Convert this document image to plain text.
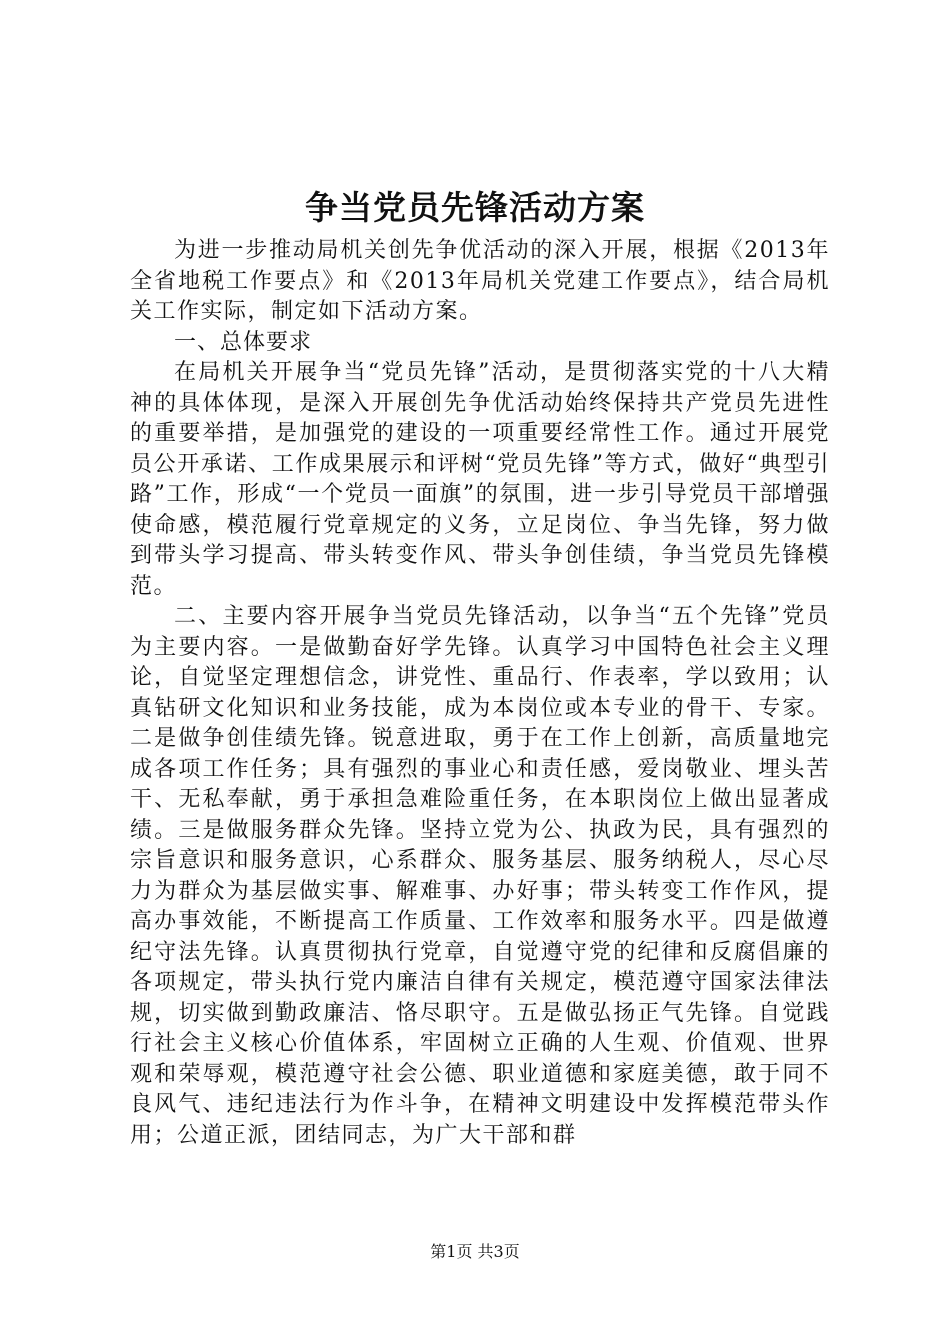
争当党员先锋活动方案

为进一步推动局机关创先争优活动的深入开展，根据《2013年全省地税工作要点》和《2013年局机关党建工作要点》，结合局机关工作实际，制定如下活动方案。

一、总体要求

在局机关开展争当“党员先锋”活动，是贯彻落实党的十八大精神的具体体现，是深入开展创先争优活动始终保持共产党员先进性的重要举措，是加强党的建设的一项重要经常性工作。通过开展党员公开承诺、工作成果展示和评树“党员先锋”等方式，做好“典型引路”工作，形成“一个党员一面旗”的氛围，进一步引导党员干部增强使命感，模范履行党章规定的义务，立足岗位、争当先锋，努力做到带头学习提高、带头转变作风、带头争创佳绩，争当党员先锋模范。

二、主要内容开展争当党员先锋活动，以争当“五个先锋”党员为主要内容。一是做勤奋好学先锋。认真学习中国特色社会主义理论，自觉坚定理想信念，讲党性、重品行、作表率，学以致用；认真钻研文化知识和业务技能，成为本岗位或本专业的骨干、专家。二是做争创佳绩先锋。锐意进取，勇于在工作上创新，高质量地完成各项工作任务；具有强烈的事业心和责任感，爱岗敬业、埋头苦干、无私奉献，勇于承担急难险重任务，在本职岗位上做出显著成绩。三是做服务群众先锋。坚持立党为公、执政为民，具有强烈的宗旨意识和服务意识，心系群众、服务基层、服务纳税人，尽心尽力为群众为基层做实事、解难事、办好事；带头转变工作作风，提高办事效能，不断提高工作质量、工作效率和服务水平。四是做遵纪守法先锋。认真贯彻执行党章，自觉遵守党的纪律和反腐倡廉的各项规定，带头执行党内廉洁自律有关规定，模范遵守国家法律法规，切实做到勤政廉洁、恪尽职守。五是做弘扬正气先锋。自觉践行社会主义核心价值体系，牢固树立正确的人生观、价值观、世界观和荣辱观，模范遵守社会公德、职业道德和家庭美德，敢于同不良风气、违纪违法行为作斗争，在精神文明建设中发挥模范带头作用；公道正派，团结同志，为广大干部和群

第1页 共3页
